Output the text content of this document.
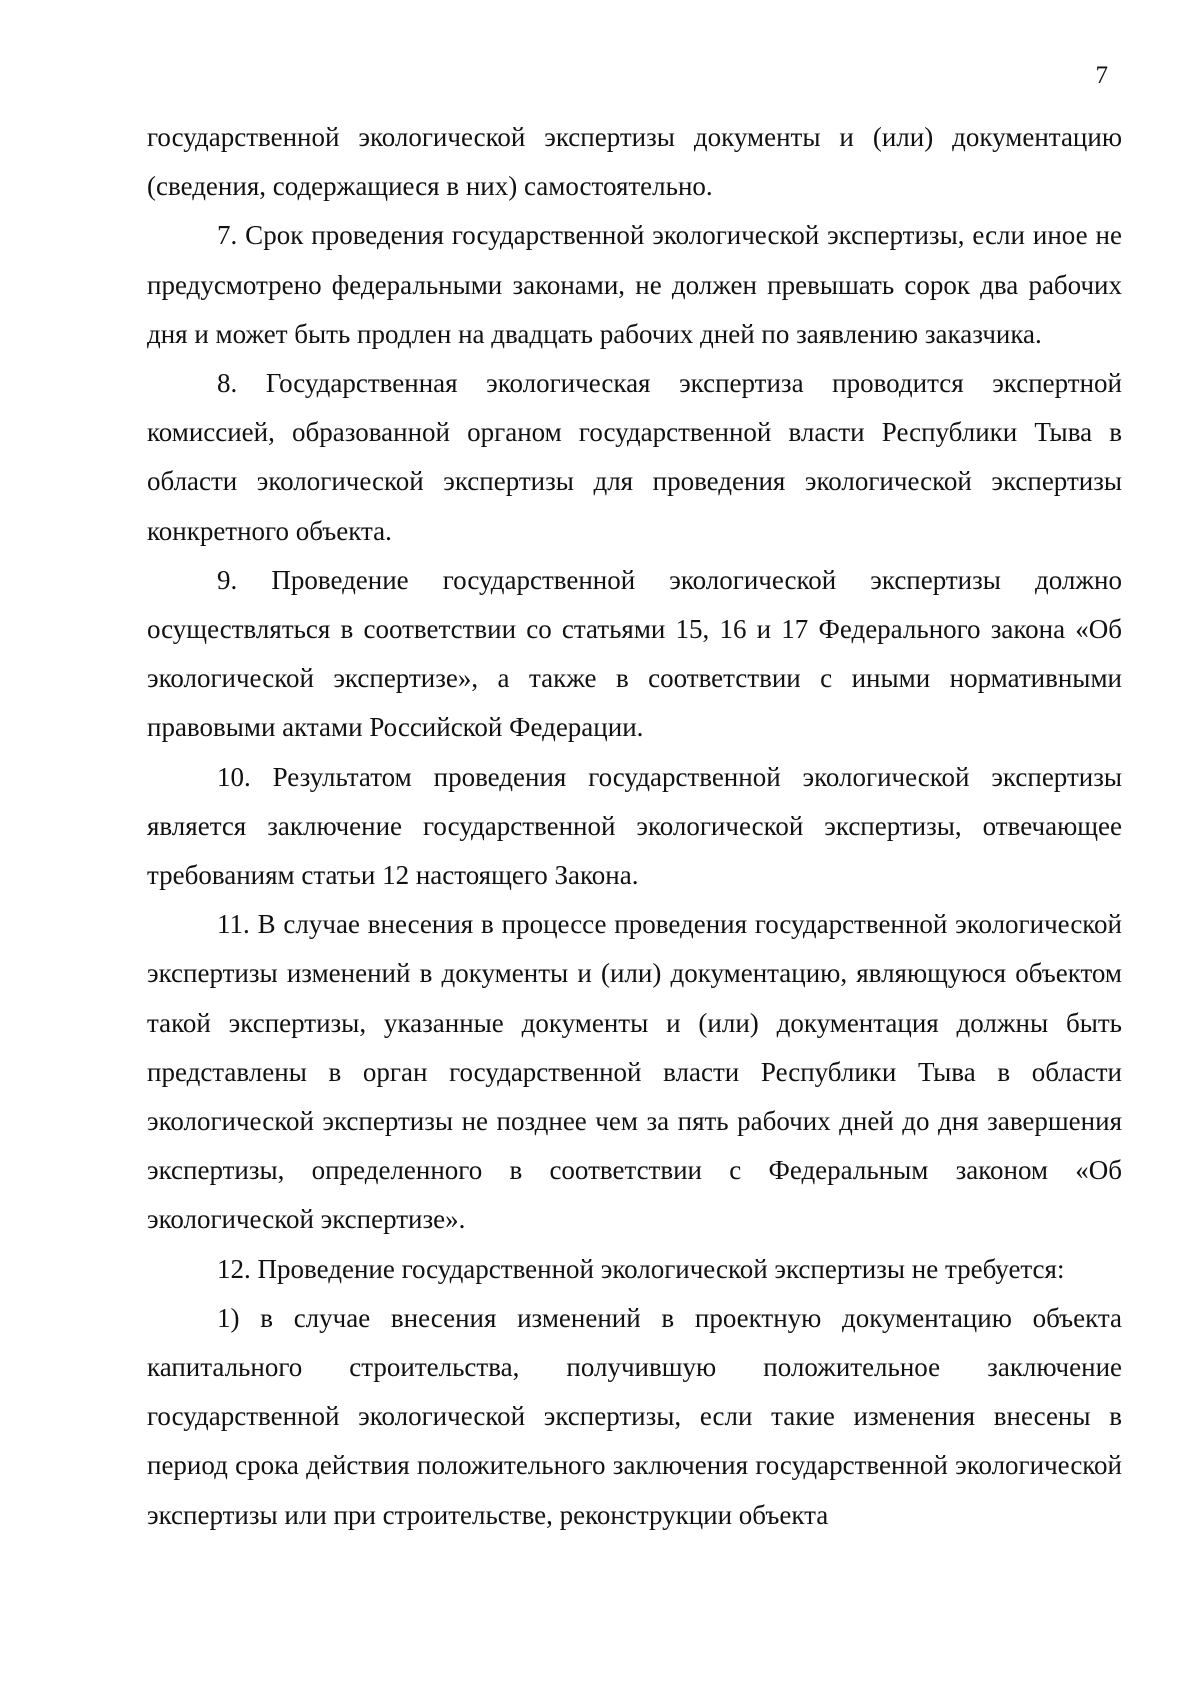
7

государственной экологической экспертизы документы и (или) документацию (сведения, содержащиеся в них) самостоятельно.

7. Срок проведения государственной экологической экспертизы, если иное не предусмотрено федеральными законами, не должен превышать сорок два рабочих дня и может быть продлен на двадцать рабочих дней по заявлению заказчика.

8. Государственная экологическая экспертиза проводится экспертной комиссией, образованной органом государственной власти Республики Тыва в области экологической экспертизы для проведения экологической экспертизы конкретного объекта.

9. Проведение государственной экологической экспертизы должно осуществляться в соответствии со статьями 15, 16 и 17 Федерального закона «Об экологической экспертизе», а также в соответствии с иными нормативными правовыми актами Российской Федерации.

10. Результатом проведения государственной экологической экспертизы является заключение государственной экологической экспертизы, отвечающее требованиям статьи 12 настоящего Закона.

11. В случае внесения в процессе проведения государственной экологической экспертизы изменений в документы и (или) документацию, являющуюся объектом такой экспертизы, указанные документы и (или) документация должны быть представлены в орган государственной власти Республики Тыва в области экологической экспертизы не позднее чем за пять рабочих дней до дня завершения экспертизы, определенного в соответствии с Федеральным законом «Об экологической экспертизе».

12. Проведение государственной экологической экспертизы не требуется:

1) в случае внесения изменений в проектную документацию объекта капитального строительства, получившую положительное заключение государственной экологической экспертизы, если такие изменения внесены в период срока действия положительного заключения государственной экологической экспертизы или при строительстве, реконструкции объекта
